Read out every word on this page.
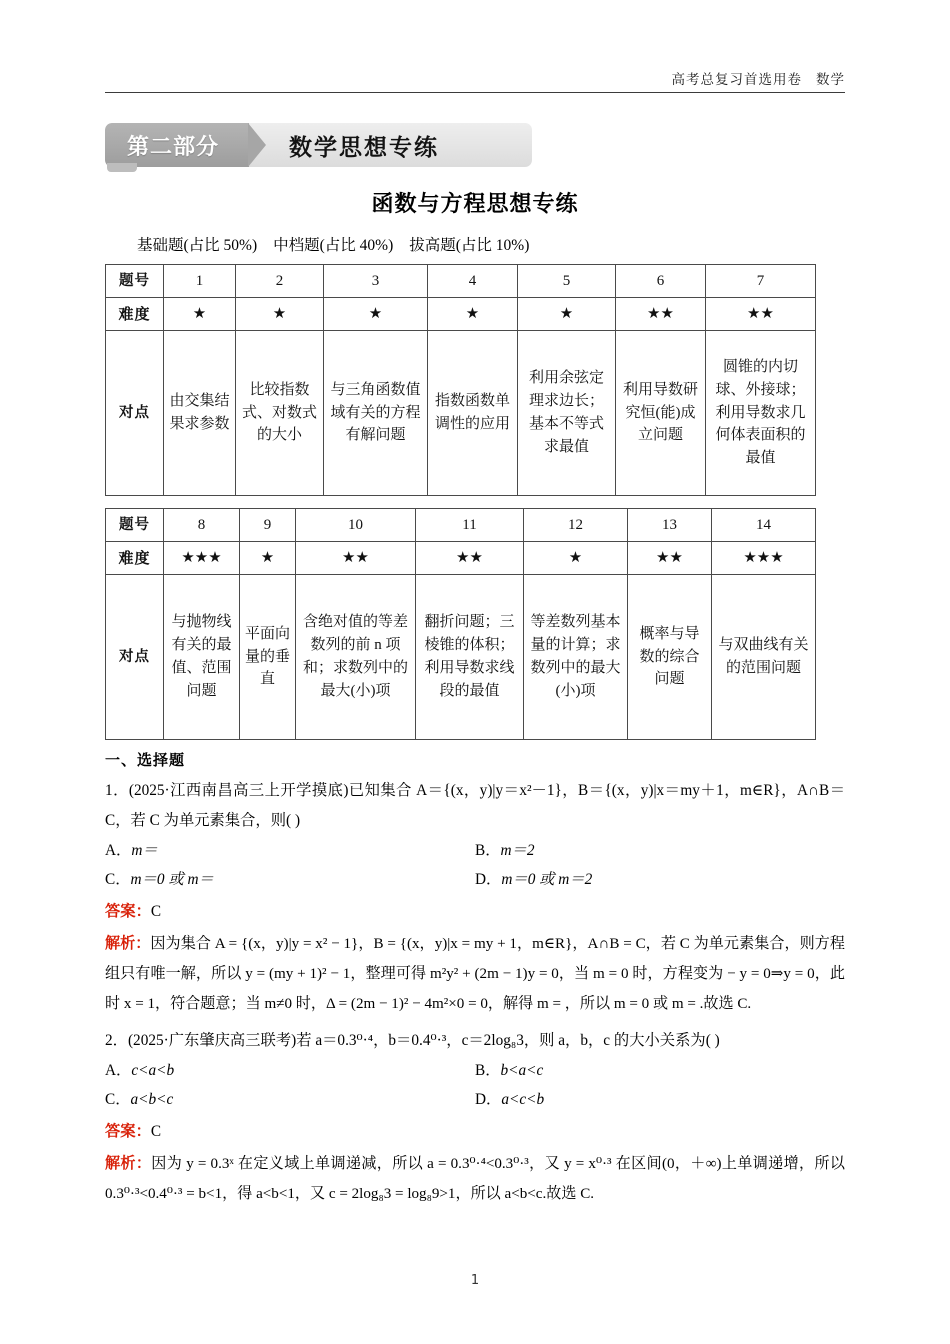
高考总复习首选用卷 数学
第二部分	数学思想专练
函数与方程思想专练
基础题(占比 50%) 中档题(占比 40%) 拔高题(占比 10%)
题号	1	2	3	4	5	6	7
难度	★	★	★	★	★	★★	★★
对点	由交集结果求参数	比较指数式、对数式的大小	与三角函数值域有关的方程有解问题	指数函数单调性的应用	利用余弦定理求边长；基本不等式求最值	利用导数研究恒(能)成立问题	圆锥的内切球、外接球；利用导数求几何体表面积的最值
题号	8	9	10	11	12	13	14
难度	★★★	★	★★	★★	★	★★	★★★
对点	与抛物线有关的最值、范围问题	平面向量的垂直	含绝对值的等差数列的前 n 项和；求数列中的最大(小)项	翻折问题；三棱锥的体积；利用导数求线段的最值	等差数列基本量的计算；求数列中的最大(小)项	概率与导数的综合问题	与双曲线有关的范围问题
一、选择题
1．(2025·江西南昌高三上开学摸底)已知集合 A＝{(x，y)|y＝x²－1}，B＝{(x，y)|x＝my＋1，m∈R}，A∩B＝C，若 C 为单元素集合，则( )
A．m＝	B．m＝2
C．m＝0 或 m＝	D．m＝0 或 m＝2
答案：C
解析：因为集合 A = {(x，y)|y = x² − 1}，B = {(x，y)|x = my + 1，m∈R}，A∩B = C，若 C 为单元素集合，则方程组只有唯一解，所以 y = (my + 1)² − 1，整理可得 m²y² + (2m − 1)y = 0，当 m = 0 时，方程变为 − y = 0⇒y = 0，此时 x = 1，符合题意；当 m≠0 时，Δ = (2m − 1)² − 4m²×0 = 0，解得 m = ，所以 m = 0 或 m = .故选 C.
2．(2025·广东肇庆高三联考)若 a＝0.3⁰·⁴，b＝0.4⁰·³，c＝2log₈3，则 a，b，c 的大小关系为( )
A．c<a<b	B．b<a<c
C．a<b<c	D．a<c<b
答案：C
解析：因为 y = 0.3ˣ 在定义域上单调递减，所以 a = 0.3⁰·⁴<0.3⁰·³，又 y = x⁰·³ 在区间(0，＋∞)上单调递增，所以 0.3⁰·³<0.4⁰·³ = b<1，得 a<b<1，又 c = 2log₈3 = log₈9>1，所以 a<b<c.故选 C.
1
